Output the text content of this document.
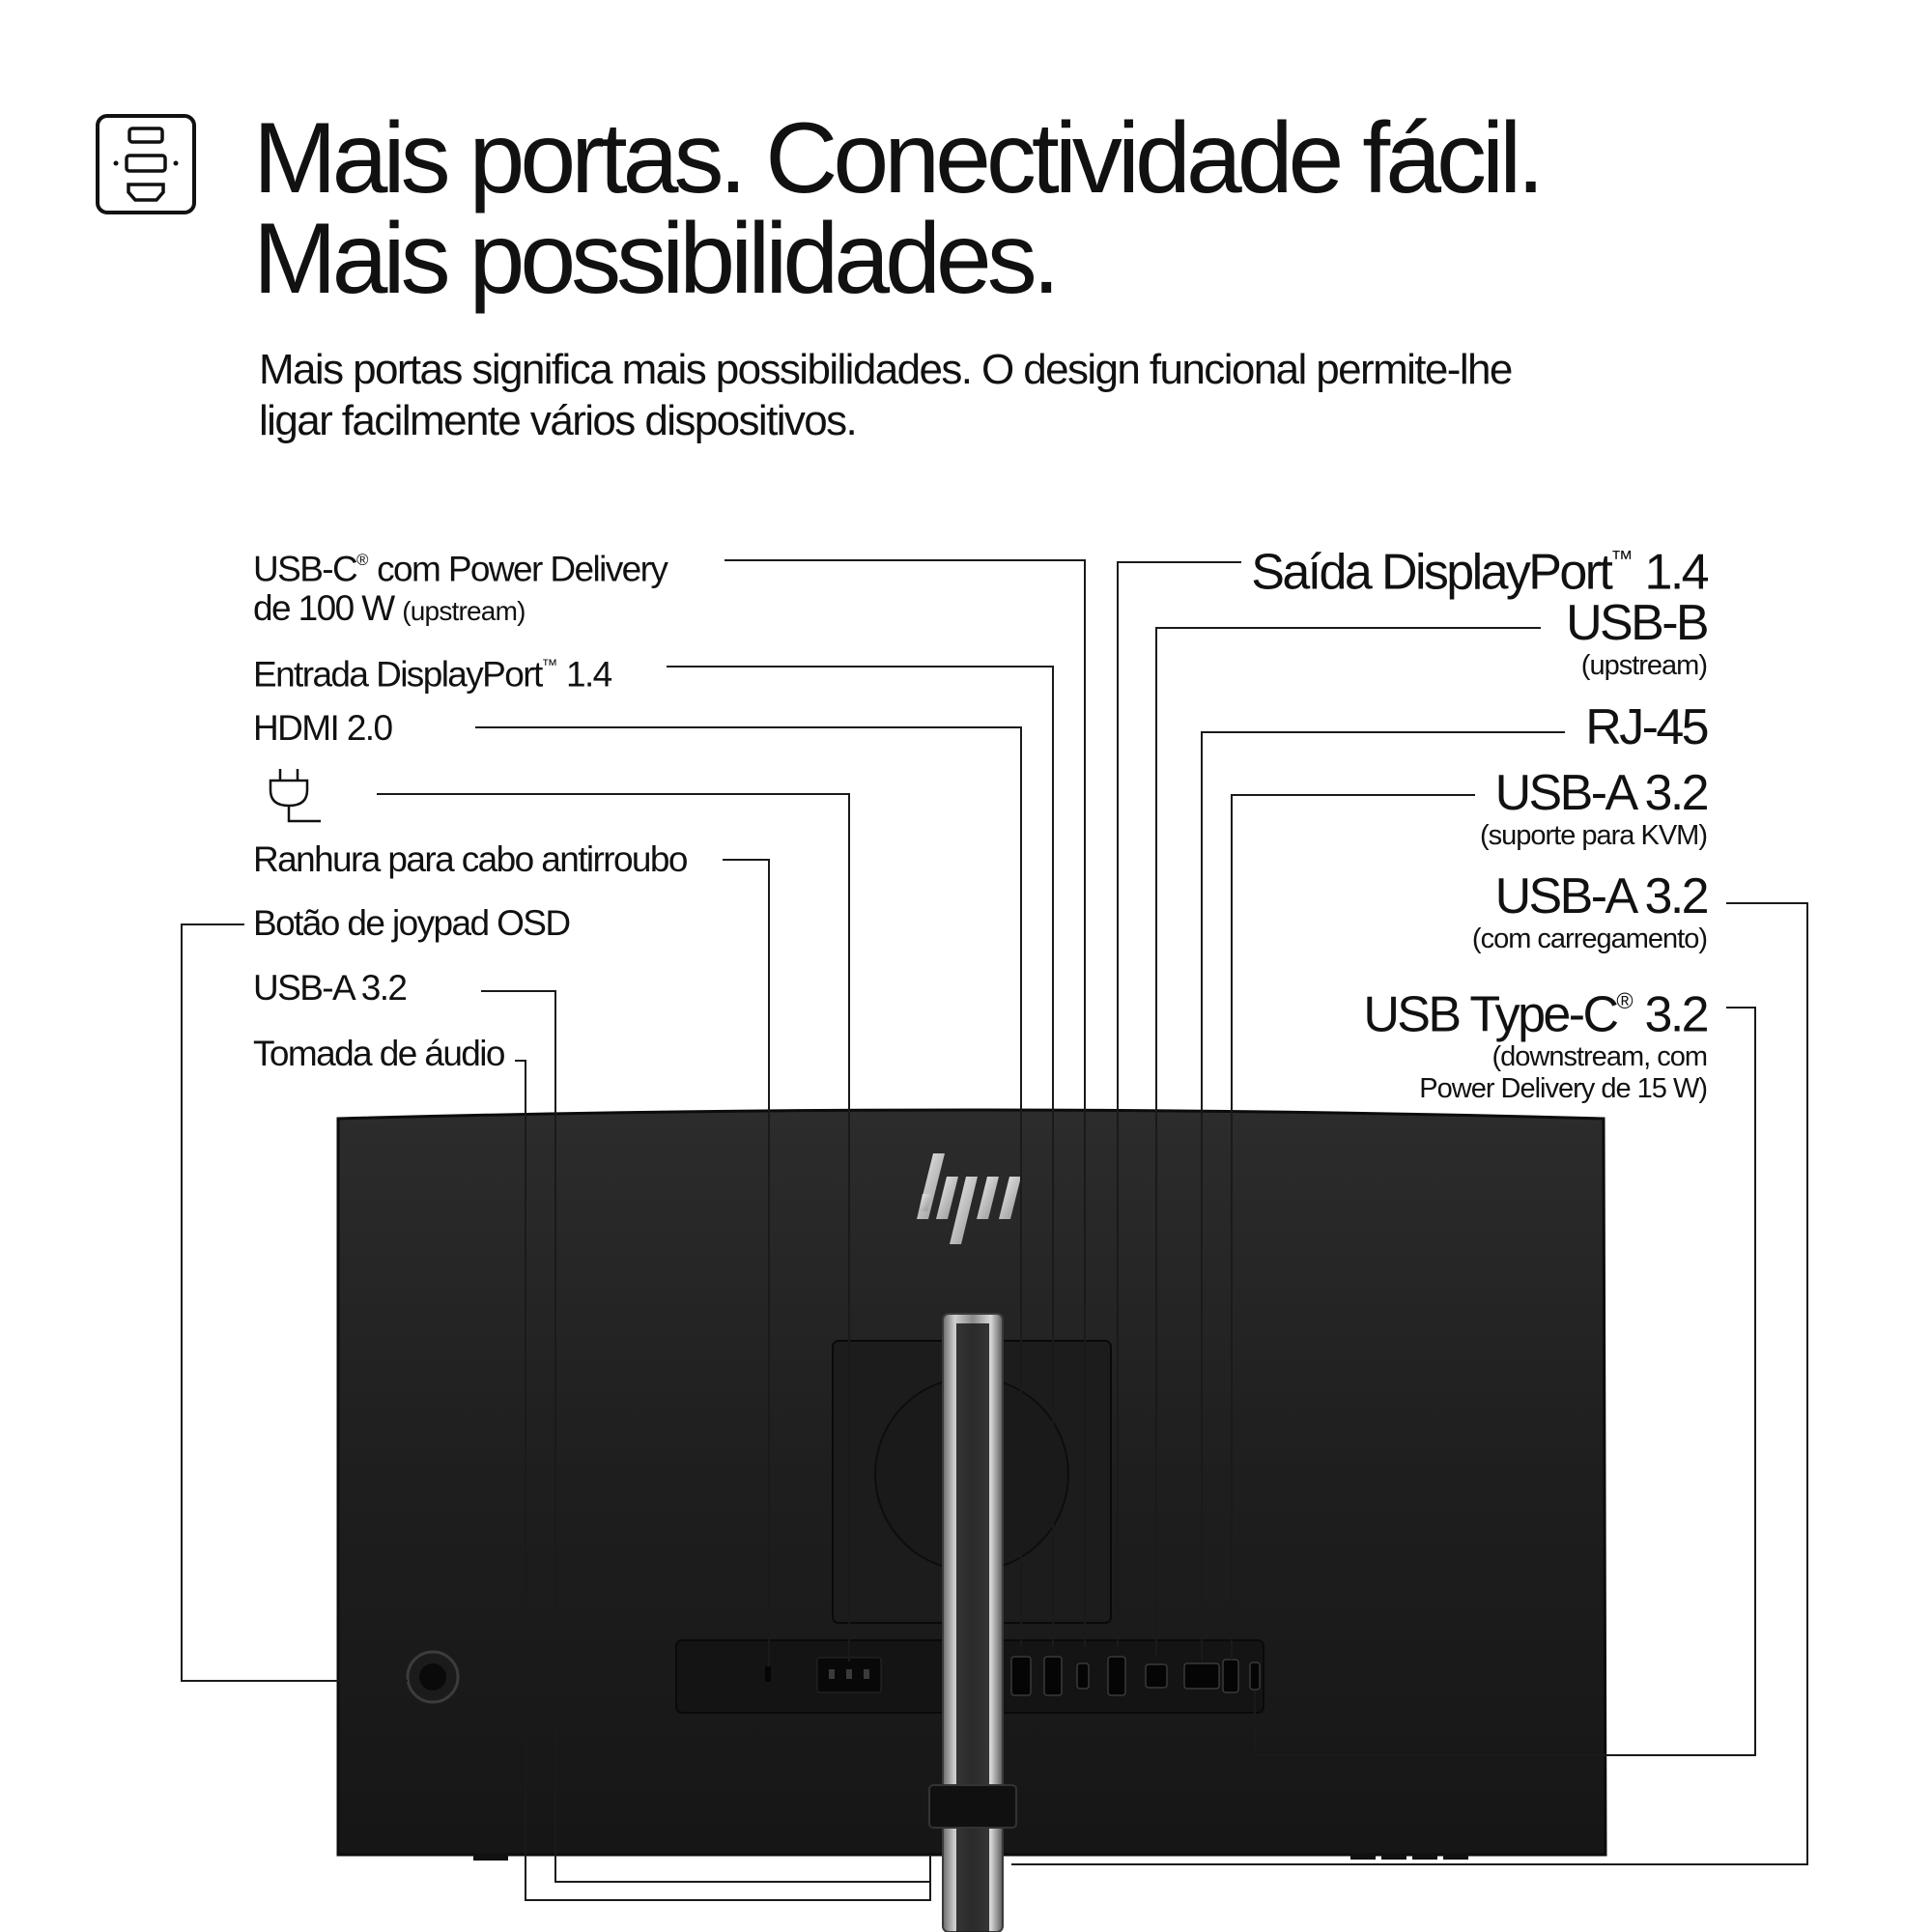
Mais portas. Conectividade fácil.
Mais possibilidades.

Mais portas significa mais possibilidades. O design funcional permite-lhe
ligar facilmente vários dispositivos.

USB-C® com Power Delivery
de 100 W (upstream)
Entrada DisplayPort™ 1.4
HDMI 2.0
Ranhura para cabo antirroubo
Botão de joypad OSD
USB-A 3.2
Tomada de áudio
Saída DisplayPort™ 1.4
USB-B
(upstream)
RJ-45
USB-A 3.2
(suporte para KVM)
USB-A 3.2
(com carregamento)
USB Type-C® 3.2
(downstream, com
Power Delivery de 15 W)
